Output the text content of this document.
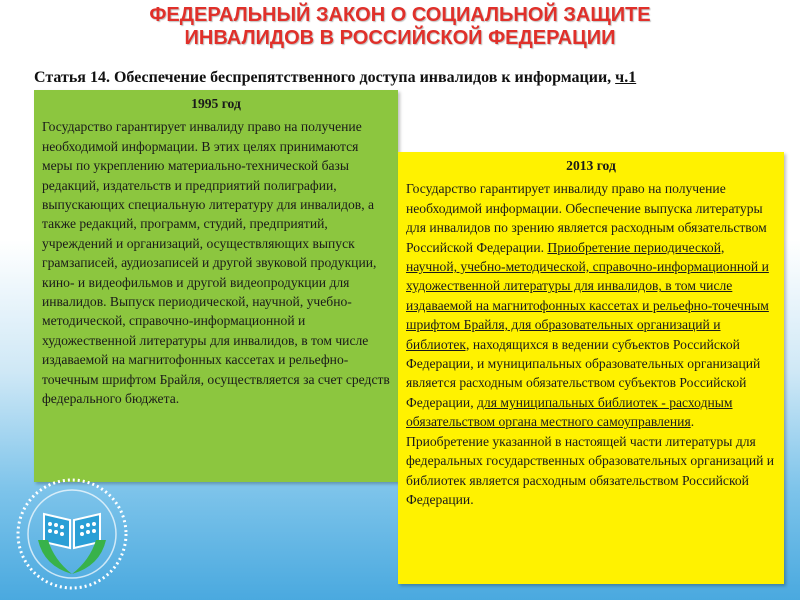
ФЕДЕРАЛЬНЫЙ ЗАКОН О СОЦИАЛЬНОЙ ЗАЩИТЕ
ИНВАЛИДОВ В РОССИЙСКОЙ ФЕДЕРАЦИИ
Статья 14. Обеспечение беспрепятственного доступа инвалидов к информации, ч.1
1995 год

Государство гарантирует инвалиду право на получение необходимой информации. В этих целях принимаются меры по укреплению материально-технической базы редакций, издательств и предприятий полиграфии, выпускающих специальную литературу для инвалидов, а также редакций, программ, студий, предприятий, учреждений и организаций, осуществляющих выпуск грамзаписей, аудиозаписей и другой звуковой продукции, кино- и видеофильмов и другой видеопродукции для инвалидов. Выпуск периодической, научной, учебно-методической, справочно-информационной и художественной литературы для инвалидов, в том числе издаваемой на магнитофонных кассетах и рельефно-точечным шрифтом Брайля, осуществляется за счет средств федерального бюджета.

2013 год

Государство гарантирует инвалиду право на получение необходимой информации. Обеспечение выпуска литературы для инвалидов по зрению является расходным обязательством Российской Федерации. Приобретение периодической, научной, учебно-методической, справочно-информационной и художественной литературы для инвалидов, в том числе издаваемой на магнитофонных кассетах и рельефно-точечным шрифтом Брайля, для образовательных организаций и библиотек, находящихся в ведении субъектов Российской Федерации, и муниципальных образовательных организаций является расходным обязательством субъектов Российской Федерации, для муниципальных библиотек - расходным обязательством органа местного самоуправления. Приобретение указанной в настоящей части литературы для федеральных государственных образовательных организаций и библиотек является расходным обязательством Российской Федерации.
